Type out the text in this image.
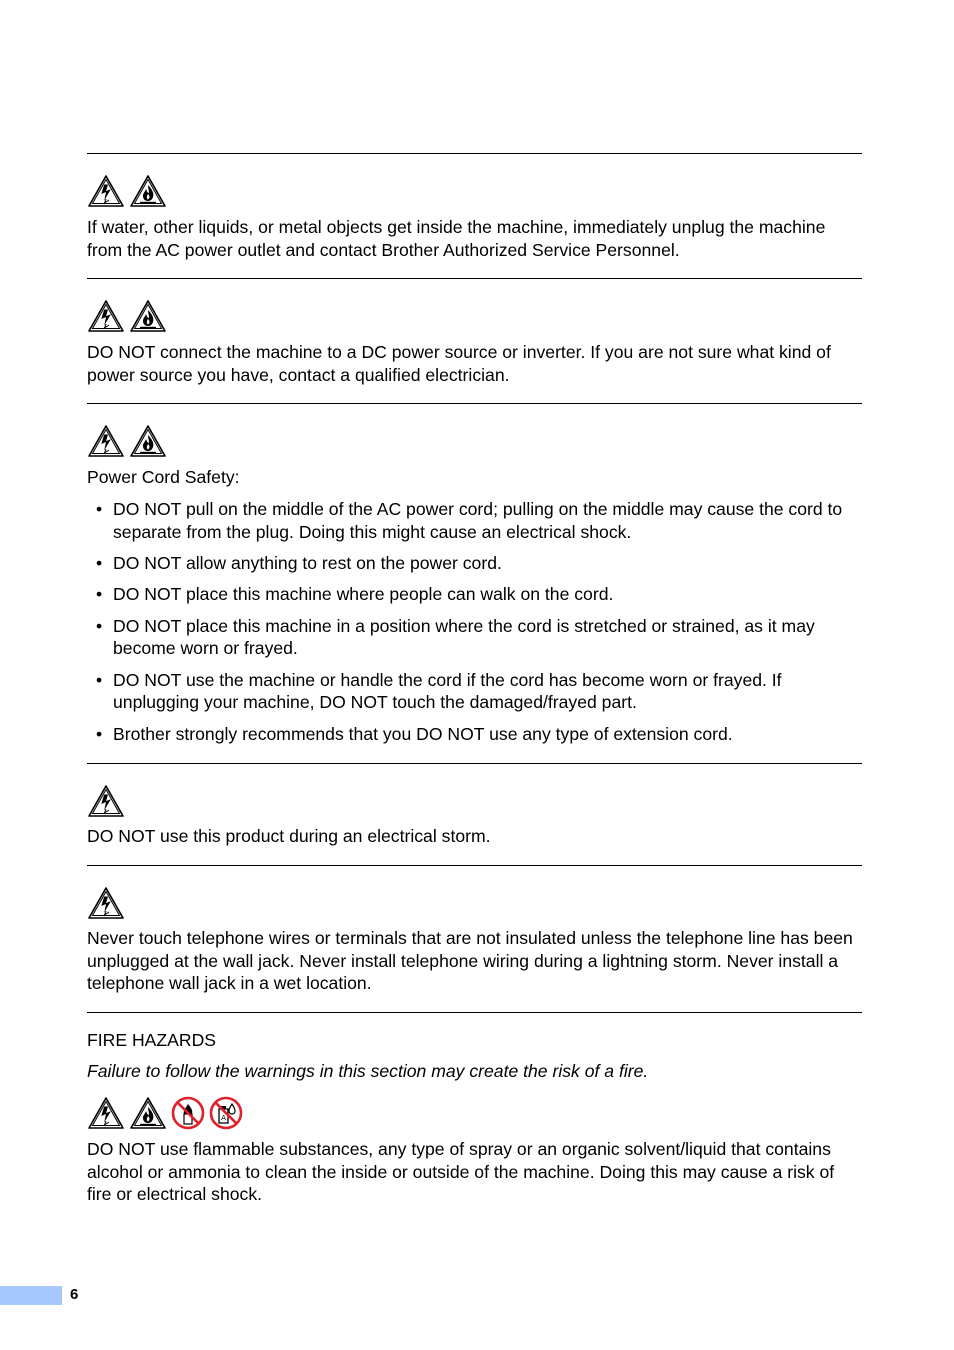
If water, other liquids, or metal objects get inside the machine, immediately unplug the machine from the AC power outlet and contact Brother Authorized Service Personnel.

DO NOT connect the machine to a DC power source or inverter. If you are not sure what kind of power source you have, contact a qualified electrician.

Power Cord Safety:

• DO NOT pull on the middle of the AC power cord; pulling on the middle may cause the cord to separate from the plug. Doing this might cause an electrical shock.
• DO NOT allow anything to rest on the power cord.
• DO NOT place this machine where people can walk on the cord.
• DO NOT place this machine in a position where the cord is stretched or strained, as it may become worn or frayed.
• DO NOT use the machine or handle the cord if the cord has become worn or frayed. If unplugging your machine, DO NOT touch the damaged/frayed part.
• Brother strongly recommends that you DO NOT use any type of extension cord.

DO NOT use this product during an electrical storm.

Never touch telephone wires or terminals that are not insulated unless the telephone line has been unplugged at the wall jack. Never install telephone wiring during a lightning storm. Never install a telephone wall jack in a wet location.

FIRE HAZARDS

Failure to follow the warnings in this section may create the risk of a fire.

DO NOT use flammable substances, any type of spray or an organic solvent/liquid that contains alcohol or ammonia to clean the inside or outside of the machine. Doing this may cause a risk of fire or electrical shock.

6
